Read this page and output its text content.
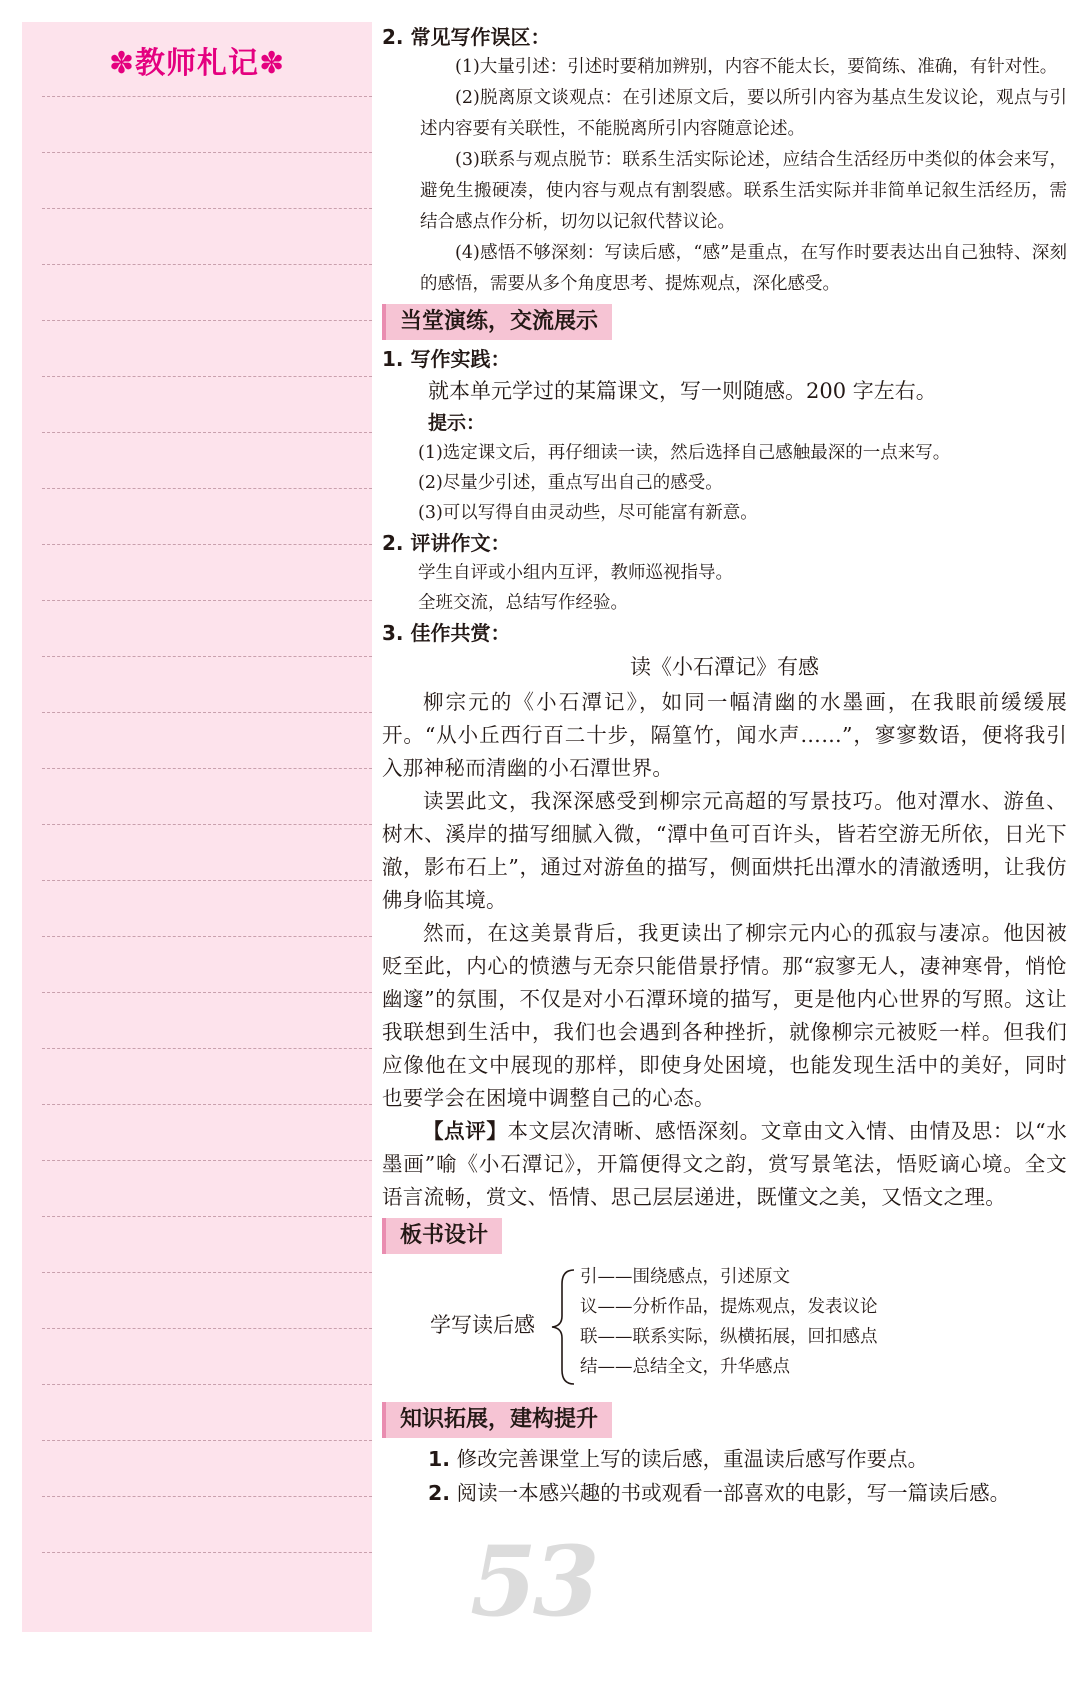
✽教师札记✽

2. 常见写作误区：

(1)大量引述：引述时要稍加辨别，内容不能太长，要简练、准确，有针对性。

(2)脱离原文谈观点：在引述原文后，要以所引内容为基点生发议论，观点与引述内容要有关联性，不能脱离所引内容随意论述。

(3)联系与观点脱节：联系生活实际论述，应结合生活经历中类似的体会来写，避免生搬硬凑，使内容与观点有割裂感。联系生活实际并非简单记叙生活经历，需结合感点作分析，切勿以记叙代替议论。

(4)感悟不够深刻：写读后感，“感”是重点，在写作时要表达出自己独特、深刻的感悟，需要从多个角度思考、提炼观点，深化感受。

当堂演练，交流展示

1. 写作实践：

就本单元学过的某篇课文，写一则随感。200 字左右。

提示：

(1)选定课文后，再仔细读一读，然后选择自己感触最深的一点来写。

(2)尽量少引述，重点写出自己的感受。

(3)可以写得自由灵动些，尽可能富有新意。

2. 评讲作文：

学生自评或小组内互评，教师巡视指导。

全班交流，总结写作经验。

3. 佳作共赏：

读《小石潭记》有感

柳宗元的《小石潭记》，如同一幅清幽的水墨画，在我眼前缓缓展开。“从小丘西行百二十步，隔篁竹，闻水声……”，寥寥数语，便将我引入那神秘而清幽的小石潭世界。

读罢此文，我深深感受到柳宗元高超的写景技巧。他对潭水、游鱼、树木、溪岸的描写细腻入微，“潭中鱼可百许头，皆若空游无所依，日光下澈，影布石上”，通过对游鱼的描写，侧面烘托出潭水的清澈透明，让我仿佛身临其境。

然而，在这美景背后，我更读出了柳宗元内心的孤寂与凄凉。他因被贬至此，内心的愤懑与无奈只能借景抒情。那“寂寥无人，凄神寒骨，悄怆幽邃”的氛围，不仅是对小石潭环境的描写，更是他内心世界的写照。这让我联想到生活中，我们也会遇到各种挫折，就像柳宗元被贬一样。但我们应像他在文中展现的那样，即使身处困境，也能发现生活中的美好，同时也要学会在困境中调整自己的心态。

【点评】本文层次清晰、感悟深刻。文章由文入情、由情及思：以“水墨画”喻《小石潭记》，开篇便得文之韵，赏写景笔法，悟贬谪心境。全文语言流畅，赏文、悟情、思己层层递进，既懂文之美，又悟文之理。

板书设计
学写读后感
引——围绕感点，引述原文
议——分析作品，提炼观点，发表议论
联——联系实际，纵横拓展，回扣感点
结——总结全文，升华感点
知识拓展，建构提升

1. 修改完善课堂上写的读后感，重温读后感写作要点。

2. 阅读一本感兴趣的书或观看一部喜欢的电影，写一篇读后感。

53
